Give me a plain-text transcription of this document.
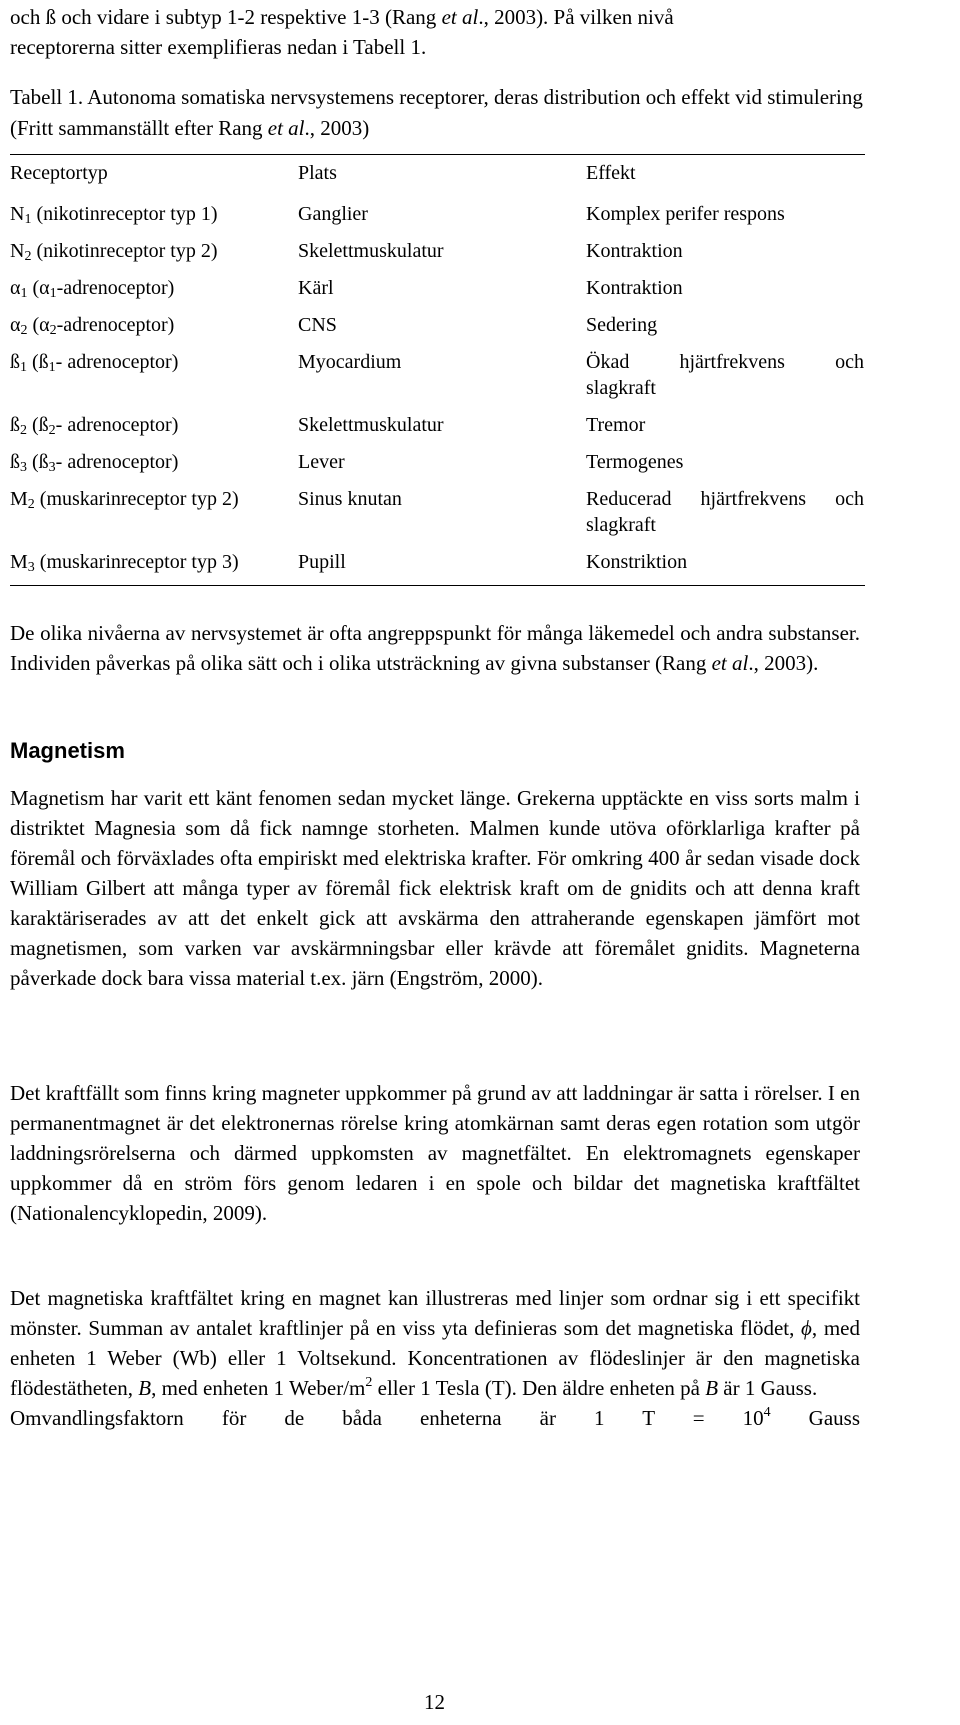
och ß och vidare i subtyp 1-2 respektive 1-3 (Rang et al., 2003). På vilken nivå
receptorerna sitter exemplifieras nedan i Tabell 1.

Tabell 1. Autonoma somatiska nervsystemens receptorer, deras distribution och effekt vid stimulering (Fritt sammanställt efter Rang et al., 2003)
Receptortyp	Plats	Effekt
$N_1$ (nikotinreceptor typ 1)	Ganglier	Komplex perifer respons
$N_2$ (nikotinreceptor typ 2)	Skelettmuskulatur	Kontraktion
$\alpha_1$ $(\alpha_1-adrenoceptor)$	Kärl	Kontraktion
$\alpha_2$ $(\alpha_2-adrenoceptor)$	CNS	Sedering
$ß_1$ ($ß_1-$ adrenoceptor)	Myocardium	Ökad hjärtfrekvens och
slagkraft
$ß_2$ ($ß_2-$ adrenoceptor)	Skelettmuskulatur	Tremor
$ß_3$ ($ß_3-$ adrenoceptor)	Lever	Termogenes
$M_2$ (muskarinreceptor typ 2)	Sinus knutan	Reducerad hjärtfrekvens och
slagkraft
$M_3$ (muskarinreceptor typ 3)	Pupill	Konstriktion

De olika nivåerna av nervsystemet är ofta angreppspunkt för många läkemedel och andra substanser. Individen påverkas på olika sätt och i olika utsträckning av givna substanser (Rang et al., 2003).

Magnetism

Magnetism har varit ett känt fenomen sedan mycket länge. Grekerna upptäckte en viss sorts malm i distriktet Magnesia som då fick namnge storheten. Malmen kunde utöva oförklarliga krafter på föremål och förväxlades ofta empiriskt med elektriska krafter. För omkring 400 år sedan visade dock William Gilbert att många typer av föremål fick elektrisk kraft om de gnidits och att denna kraft karaktäriserades av att det enkelt gick att avskärma den attraherande egenskapen jämfört mot magnetismen, som varken var avskärmningsbar eller krävde att föremålet gnidits. Magneterna påverkade dock bara vissa material t.ex. järn (Engström, 2000).

Det kraftfällt som finns kring magneter uppkommer på grund av att laddningar är satta i rörelser. I en permanentmagnet är det elektronernas rörelse kring atomkärnan samt deras egen rotation som utgör laddningsrörelserna och därmed uppkomsten av magnetfältet. En elektromagnets egenskaper uppkommer då en ström förs genom ledaren i en spole och bildar det magnetiska kraftfältet (Nationalencyklopedin, 2009).

Det magnetiska kraftfältet kring en magnet kan illustreras med linjer som ordnar sig i ett specifikt mönster. Summan av antalet kraftlinjer på en viss yta definieras som det magnetiska flödet, ϕ, med enheten 1 Weber (Wb) eller 1 Voltsekund. Koncentrationen av flödeslinjer är den magnetiska flödestätheten, B, med enheten 1 Weber/$m^2$ eller 1 Tesla (T). Den äldre enheten på B är 1 Gauss.
Omvandlingsfaktorn för de båda enheterna är 1 $T = 10^4$ Gauss

12
